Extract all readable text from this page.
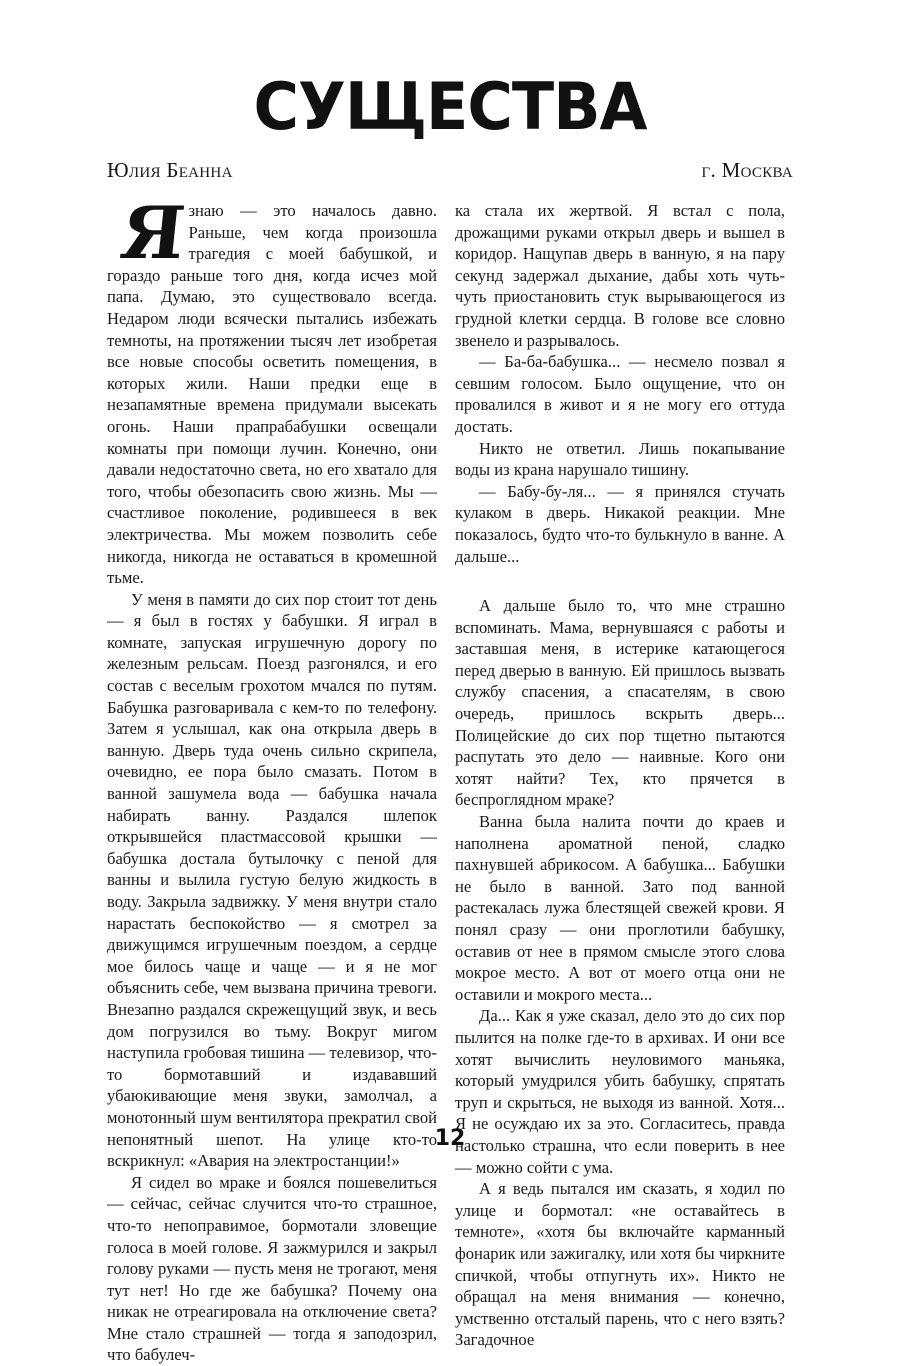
СУЩЕСТВА
Юлия Беанна	г. Москва

Язнаю — это началось давно. Раньше, чем когда произошла трагедия с моей бабушкой, и гораздо раньше того дня, когда исчез мой папа. Думаю, это существовало всегда. Недаром люди всячески пытались избежать темноты, на протяжении тысяч лет изобретая все новые способы осветить помещения, в которых жили. Наши предки еще в незапамятные времена придумали высекать огонь. Наши прапрабабушки освещали комнаты при помощи лучин. Конечно, они давали недостаточно света, но его хватало для того, чтобы обезопасить свою жизнь. Мы — счастливое поколение, родившееся в век электричества. Мы можем позволить себе никогда, никогда не оставаться в кромешной тьме.

У меня в памяти до сих пор стоит тот день — я был в гостях у бабушки. Я играл в комнате, запуская игрушечную дорогу по железным рельсам. Поезд разгонялся, и его состав с веселым грохотом мчался по путям. Бабушка разговаривала с кем-то по телефону. Затем я услышал, как она открыла дверь в ванную. Дверь туда очень сильно скрипела, очевидно, ее пора было смазать. Потом в ванной зашумела вода — бабушка начала набирать ванну. Раздался шлепок открывшейся пластмассовой крышки — бабушка достала бутылочку с пеной для ванны и вылила густую белую жидкость в воду. Закрыла задвижку. У меня внутри стало нарастать беспокойство — я смотрел за движущимся игрушечным поездом, а сердце мое билось чаще и чаще — и я не мог объяснить себе, чем вызвана причина тревоги. Внезапно раздался скрежещущий звук, и весь дом погрузился во тьму. Вокруг мигом наступила гробовая тишина — телевизор, что-то бормотавший и издававший убаюкивающие меня звуки, замолчал, а монотонный шум вентилятора прекратил свой непонятный шепот. На улице кто-то вскрикнул: «Авария на электростанции!»

Я сидел во мраке и боялся пошевелиться — сейчас, сейчас случится что-то страшное, что-то непоправимое, бормотали зловещие голоса в моей голове. Я зажмурился и закрыл голову руками — пусть меня не трогают, меня тут нет! Но где же бабушка? Почему она никак не отреагировала на отключение света? Мне стало страшней — тогда я заподозрил, что бабулеч-

ка стала их жертвой. Я встал с пола, дрожащими руками открыл дверь и вышел в коридор. Нащупав дверь в ванную, я на пару секунд задержал дыхание, дабы хоть чуть-чуть приостановить стук вырывающегося из грудной клетки сердца. В голове все словно звенело и разрывалось.

— Ба-ба-бабушка... — несмело позвал я севшим голосом. Было ощущение, что он провалился в живот и я не могу его оттуда достать.

Никто не ответил. Лишь покапывание воды из крана нарушало тишину.

— Бабу-бу-ля... — я принялся стучать кулаком в дверь. Никакой реакции. Мне показалось, будто что-то булькнуло в ванне. А дальше...

А дальше было то, что мне страшно вспоминать. Мама, вернувшаяся с работы и заставшая меня, в истерике катающегося перед дверью в ванную. Ей пришлось вызвать службу спасения, а спасателям, в свою очередь, пришлось вскрыть дверь... Полицейские до сих пор тщетно пытаются распутать это дело — наивные. Кого они хотят найти? Тех, кто прячется в беспроглядном мраке?

Ванна была налита почти до краев и наполнена ароматной пеной, сладко пахнувшей абрикосом. А бабушка... Бабушки не было в ванной. Зато под ванной растекалась лужа блестящей свежей крови. Я понял сразу — они проглотили бабушку, оставив от нее в прямом смысле этого слова мокрое место. А вот от моего отца они не оставили и мокрого места...

Да... Как я уже сказал, дело это до сих пор пылится на полке где-то в архивах. И они все хотят вычислить неуловимого маньяка, который умудрился убить бабушку, спрятать труп и скрыться, не выходя из ванной. Хотя... Я не осуждаю их за это. Согласитесь, правда настолько страшна, что если поверить в нее — можно сойти с ума.

А я ведь пытался им сказать, я ходил по улице и бормотал: «не оставайтесь в темноте», «хотя бы включайте карманный фонарик или зажигалку, или хотя бы чиркните спичкой, чтобы отпугнуть их». Никто не обращал на меня внимания — конечно, умственно отсталый парень, что с него взять? Загадочное

12
